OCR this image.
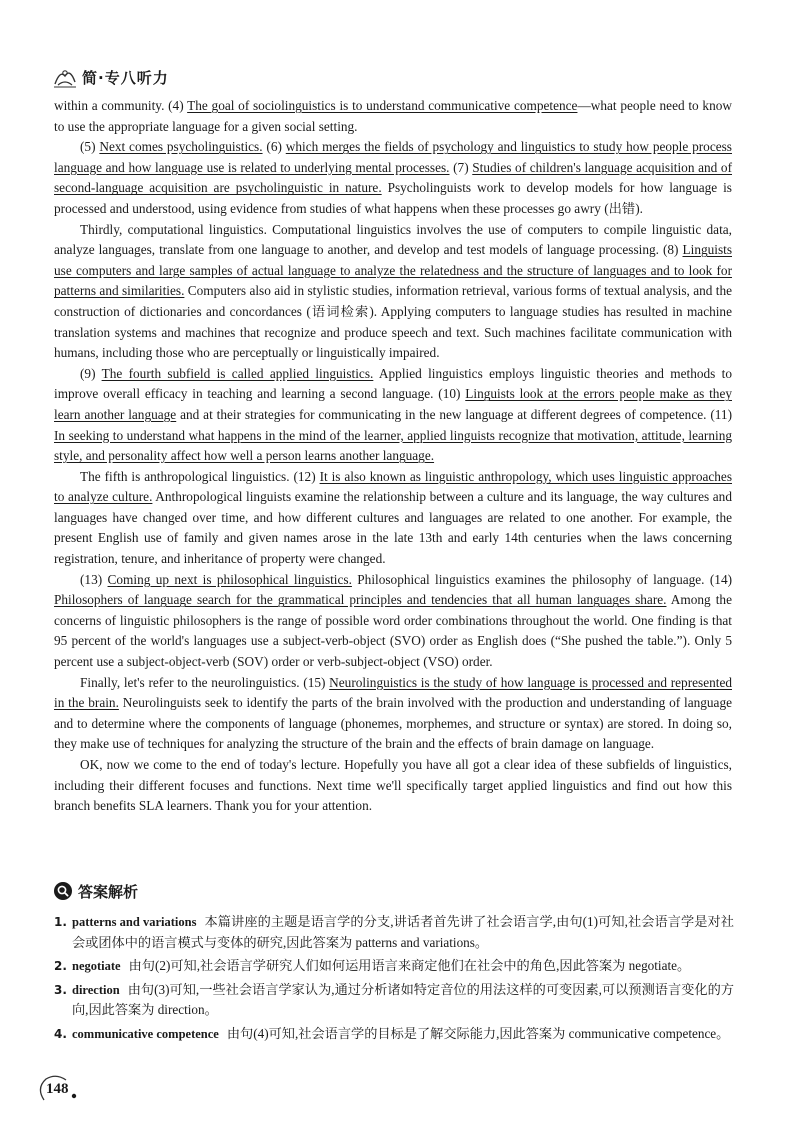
简·专八听力

within a community. (4) The goal of sociolinguistics is to understand communicative competence—what people need to know to use the appropriate language for a given social setting.

(5) Next comes psycholinguistics. (6) which merges the fields of psychology and linguistics to study how people process language and how language use is related to underlying mental processes. (7) Studies of children's language acquisition and of second-language acquisition are psycholinguistic in nature. Psycholinguists work to develop models for how language is processed and understood, using evidence from studies of what happens when these processes go awry (出错).

Thirdly, computational linguistics. Computational linguistics involves the use of computers to compile linguistic data, analyze languages, translate from one language to another, and develop and test models of language processing. (8) Linguists use computers and large samples of actual language to analyze the relatedness and the structure of languages and to look for patterns and similarities. Computers also aid in stylistic studies, information retrieval, various forms of textual analysis, and the construction of dictionaries and concordances (语词检索). Applying computers to language studies has resulted in machine translation systems and machines that recognize and produce speech and text. Such machines facilitate communication with humans, including those who are perceptually or linguistically impaired.

(9) The fourth subfield is called applied linguistics. Applied linguistics employs linguistic theories and methods to improve overall efficacy in teaching and learning a second language. (10) Linguists look at the errors people make as they learn another language and at their strategies for communicating in the new language at different degrees of competence. (11) In seeking to understand what happens in the mind of the learner, applied linguists recognize that motivation, attitude, learning style, and personality affect how well a person learns another language.

The fifth is anthropological linguistics. (12) It is also known as linguistic anthropology, which uses linguistic approaches to analyze culture. Anthropological linguists examine the relationship between a culture and its language, the way cultures and languages have changed over time, and how different cultures and languages are related to one another. For example, the present English use of family and given names arose in the late 13th and early 14th centuries when the laws concerning registration, tenure, and inheritance of property were changed.

(13) Coming up next is philosophical linguistics. Philosophical linguistics examines the philosophy of language. (14) Philosophers of language search for the grammatical principles and tendencies that all human languages share. Among the concerns of linguistic philosophers is the range of possible word order combinations throughout the world. One finding is that 95 percent of the world's languages use a subject-verb-object (SVO) order as English does (“She pushed the table.”). Only 5 percent use a subject-object-verb (SOV) order or verb-subject-object (VSO) order.

Finally, let's refer to the neurolinguistics. (15) Neurolinguistics is the study of how language is processed and represented in the brain. Neurolinguists seek to identify the parts of the brain involved with the production and understanding of language and to determine where the components of language (phonemes, morphemes, and structure or syntax) are stored. In doing so, they make use of techniques for analyzing the structure of the brain and the effects of brain damage on language.

OK, now we come to the end of today's lecture. Hopefully you have all got a clear idea of these subfields of linguistics, including their different focuses and functions. Next time we'll specifically target applied linguistics and find out how this branch benefits SLA learners. Thank you for your attention.

答案解析
1. patterns and variations 本篇讲座的主题是语言学的分支,讲话者首先讲了社会语言学,由句(1)可知,社会语言学是对社会或团体中的语言模式与变体的研究,因此答案为 patterns and variations。
2. negotiate 由句(2)可知,社会语言学研究人们如何运用语言来商定他们在社会中的角色,因此答案为 negotiate。
3. direction 由句(3)可知,一些社会语言学家认为,通过分析诸如特定音位的用法这样的可变因素,可以预测语言变化的方向,因此答案为 direction。
4. communicative competence 由句(4)可知,社会语言学的目标是了解交际能力,因此答案为 communicative competence。
148
